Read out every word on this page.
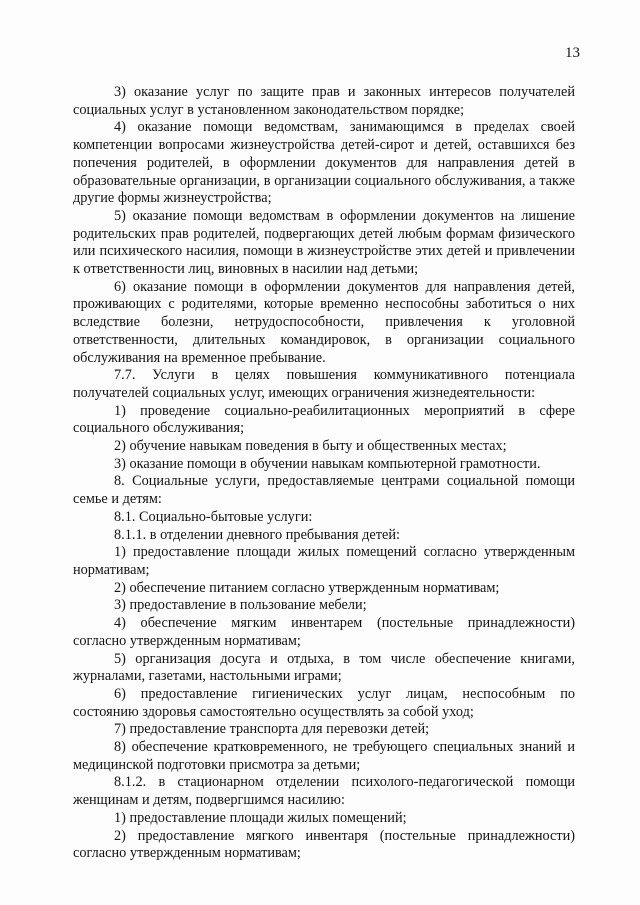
13

3) оказание услуг по защите прав и законных интересов получателей социальных услуг в установленном законодательством порядке;

4) оказание помощи ведомствам, занимающимся в пределах своей компетенции вопросами жизнеустройства детей-сирот и детей, оставшихся без попечения родителей, в оформлении документов для направления детей в образовательные организации, в организации социального обслуживания, а также другие формы жизнеустройства;

5) оказание помощи ведомствам в оформлении документов на лишение родительских прав родителей, подвергающих детей любым формам физического или психического насилия, помощи в жизнеустройстве этих детей и привлечении к ответственности лиц, виновных в насилии над детьми;

6) оказание помощи в оформлении документов для направления детей, проживающих с родителями, которые временно неспособны заботиться о них вследствие болезни, нетрудоспособности, привлечения к уголовной ответственности, длительных командировок, в организации социального обслуживания на временное пребывание.

7.7. Услуги в целях повышения коммуникативного потенциала получателей социальных услуг, имеющих ограничения жизнедеятельности:

1) проведение социально-реабилитационных мероприятий в сфере социального обслуживания;

2) обучение навыкам поведения в быту и общественных местах;

3) оказание помощи в обучении навыкам компьютерной грамотности.

8. Социальные услуги, предоставляемые центрами социальной помощи семье и детям:

8.1. Социально-бытовые услуги:

8.1.1. в отделении дневного пребывания детей:

1) предоставление площади жилых помещений согласно утвержденным нормативам;

2) обеспечение питанием согласно утвержденным нормативам;

3) предоставление в пользование мебели;

4) обеспечение мягким инвентарем (постельные принадлежности) согласно утвержденным нормативам;

5) организация досуга и отдыха, в том числе обеспечение книгами, журналами, газетами, настольными играми;

6) предоставление гигиенических услуг лицам, неспособным по состоянию здоровья самостоятельно осуществлять за собой уход;

7) предоставление транспорта для перевозки детей;

8) обеспечение кратковременного, не требующего специальных знаний и медицинской подготовки присмотра за детьми;

8.1.2. в стационарном отделении психолого-педагогической помощи женщинам и детям, подвергшимся насилию:

1) предоставление площади жилых помещений;

2) предоставление мягкого инвентаря (постельные принадлежности) согласно утвержденным нормативам;
